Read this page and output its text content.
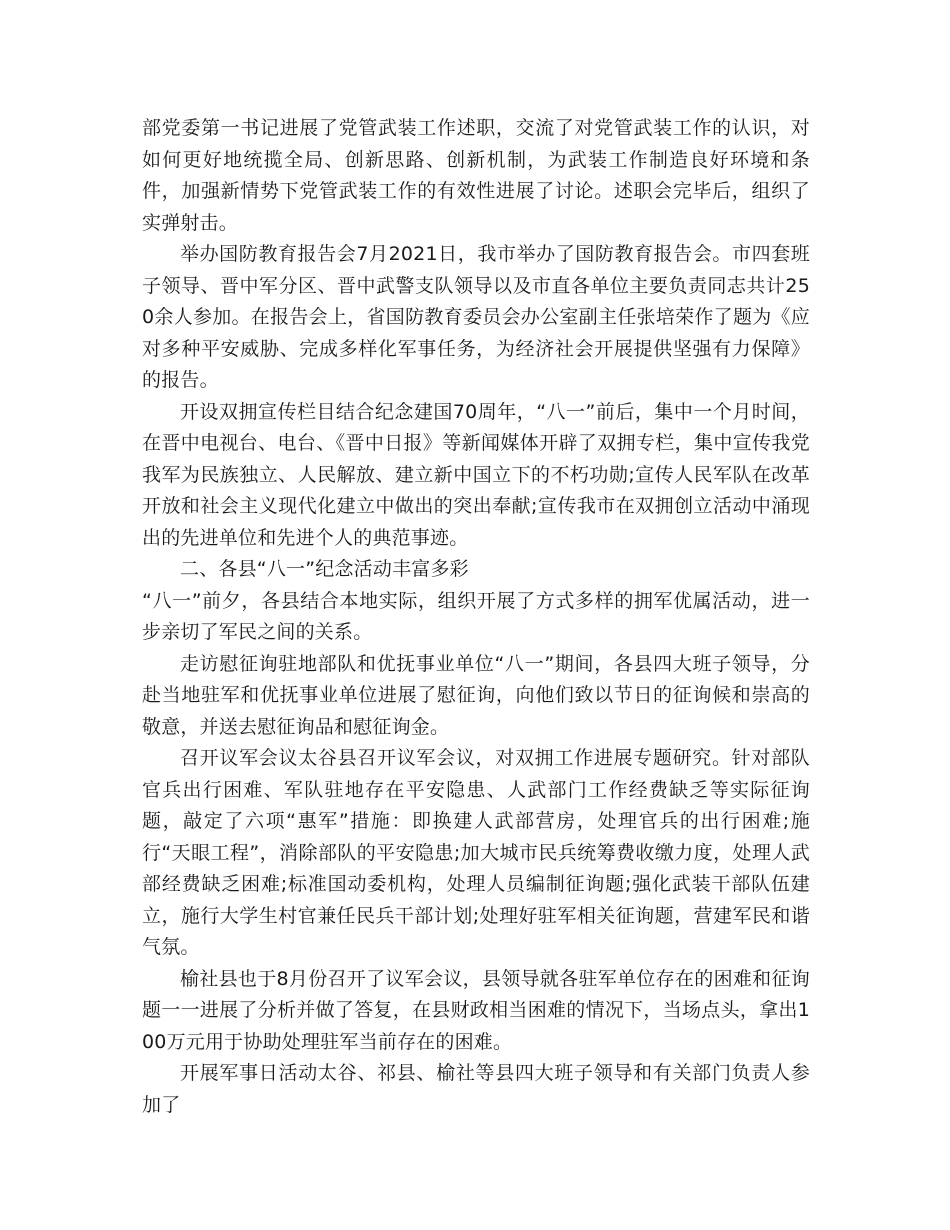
部党委第一书记进展了党管武装工作述职，交流了对党管武装工作的认识，对如何更好地统揽全局、创新思路、创新机制，为武装工作制造良好环境和条件，加强新情势下党管武装工作的有效性进展了讨论。述职会完毕后，组织了实弹射击。

举办国防教育报告会7月2021日，我市举办了国防教育报告会。市四套班子领导、晋中军分区、晋中武警支队领导以及市直各单位主要负责同志共计250余人参加。在报告会上，省国防教育委员会办公室副主任张培荣作了题为《应对多种平安威胁、完成多样化军事任务，为经济社会开展提供坚强有力保障》的报告。

开设双拥宣传栏目结合纪念建国70周年，“八一”前后，集中一个月时间，在晋中电视台、电台、《晋中日报》等新闻媒体开辟了双拥专栏，集中宣传我党我军为民族独立、人民解放、建立新中国立下的不朽功勋;宣传人民军队在改革开放和社会主义现代化建立中做出的突出奉献;宣传我市在双拥创立活动中涌现出的先进单位和先进个人的典范事迹。

二、各县“八一”纪念活动丰富多彩

“八一”前夕，各县结合本地实际，组织开展了方式多样的拥军优属活动，进一步亲切了军民之间的关系。

走访慰征询驻地部队和优抚事业单位“八一”期间，各县四大班子领导，分赴当地驻军和优抚事业单位进展了慰征询，向他们致以节日的征询候和崇高的敬意，并送去慰征询品和慰征询金。

召开议军会议太谷县召开议军会议，对双拥工作进展专题研究。针对部队官兵出行困难、军队驻地存在平安隐患、人武部门工作经费缺乏等实际征询题，敲定了六项“惠军”措施：即换建人武部营房，处理官兵的出行困难;施行“天眼工程”，消除部队的平安隐患;加大城市民兵统筹费收缴力度，处理人武部经费缺乏困难;标准国动委机构，处理人员编制征询题;强化武装干部队伍建立，施行大学生村官兼任民兵干部计划;处理好驻军相关征询题，营建军民和谐气氛。

榆社县也于8月份召开了议军会议，县领导就各驻军单位存在的困难和征询题一一进展了分析并做了答复，在县财政相当困难的情况下，当场点头，拿出100万元用于协助处理驻军当前存在的困难。

开展军事日活动太谷、祁县、榆社等县四大班子领导和有关部门负责人参加了
